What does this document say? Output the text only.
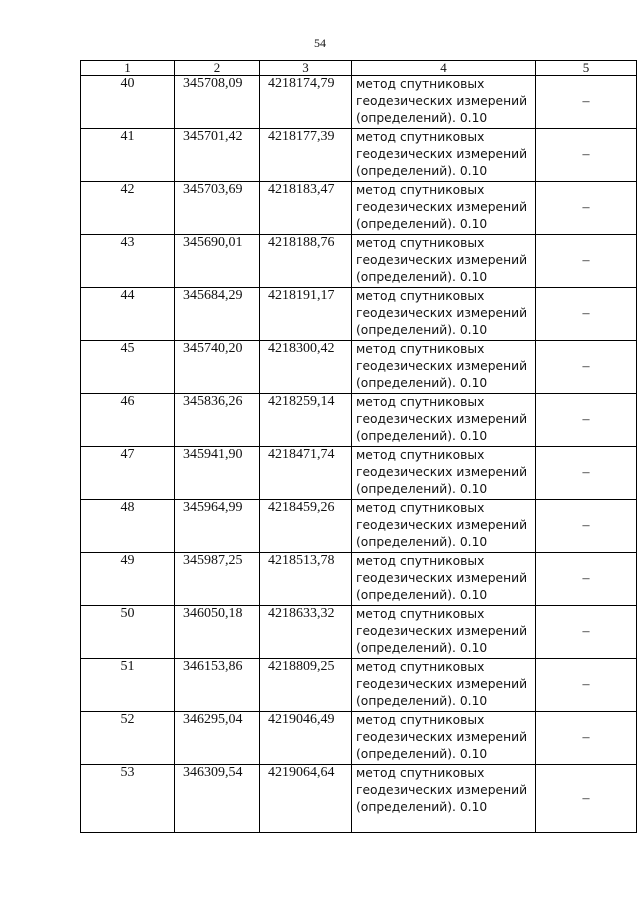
54
1	2	3	4	5

40	345708,09	4218174,79	метод спутниковых
геодезических измерений
(определений). 0.10	–

41	345701,42	4218177,39	метод спутниковых
геодезических измерений
(определений). 0.10	–

42	345703,69	4218183,47	метод спутниковых
геодезических измерений
(определений). 0.10	–

43	345690,01	4218188,76	метод спутниковых
геодезических измерений
(определений). 0.10	–

44	345684,29	4218191,17	метод спутниковых
геодезических измерений
(определений). 0.10	–

45	345740,20	4218300,42	метод спутниковых
геодезических измерений
(определений). 0.10	–

46	345836,26	4218259,14	метод спутниковых
геодезических измерений
(определений). 0.10	–

47	345941,90	4218471,74	метод спутниковых
геодезических измерений
(определений). 0.10	–

48	345964,99	4218459,26	метод спутниковых
геодезических измерений
(определений). 0.10	–

49	345987,25	4218513,78	метод спутниковых
геодезических измерений
(определений). 0.10	–

50	346050,18	4218633,32	метод спутниковых
геодезических измерений
(определений). 0.10	–

51	346153,86	4218809,25	метод спутниковых
геодезических измерений
(определений). 0.10	–

52	346295,04	4219046,49	метод спутниковых
геодезических измерений
(определений). 0.10	–

53	346309,54	4219064,64	метод спутниковых
геодезических измерений
(определений). 0.10	–
